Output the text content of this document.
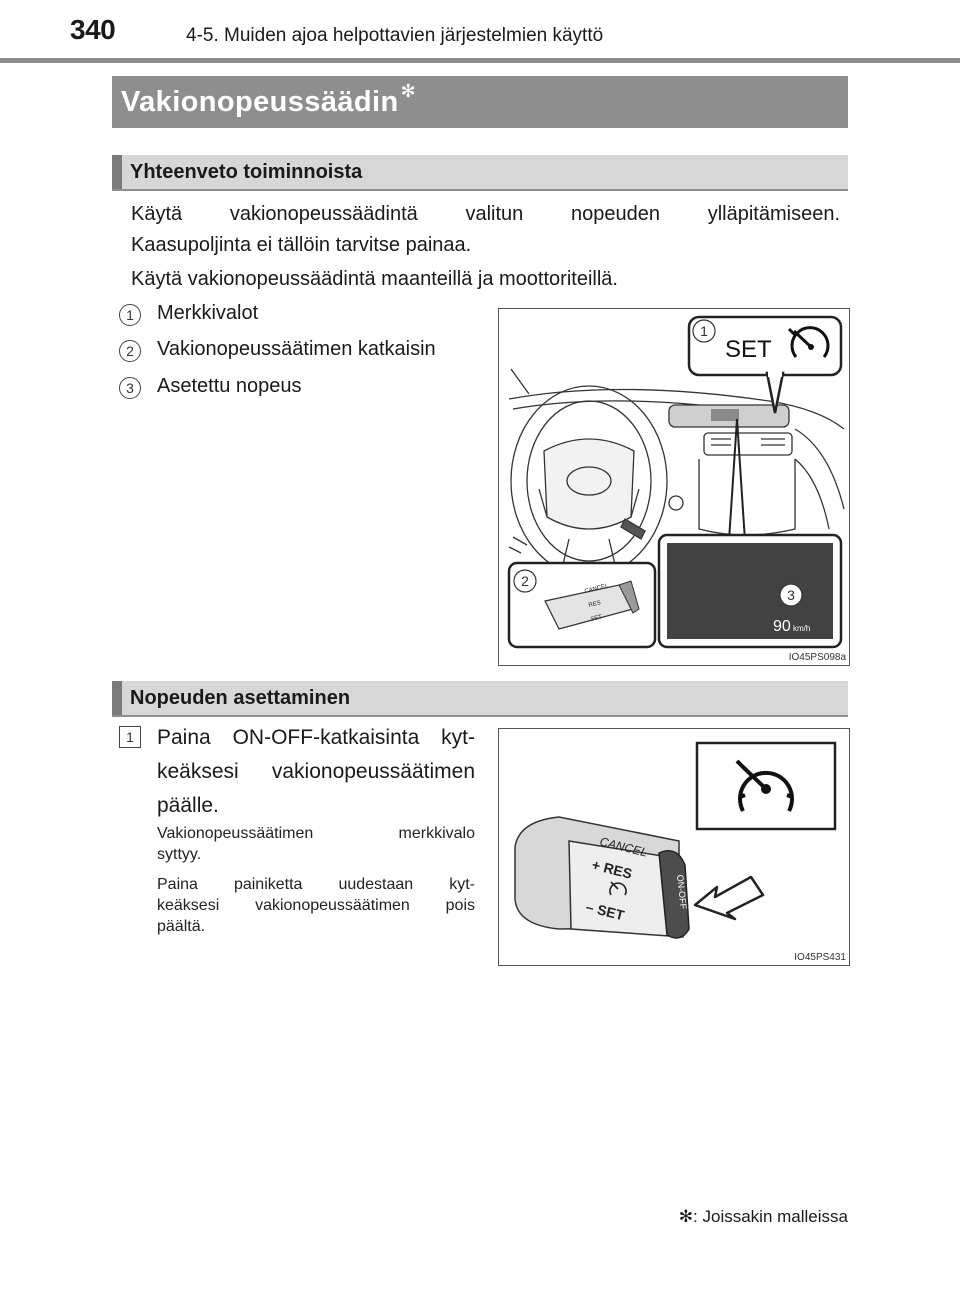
340	4-5. Muiden ajoa helpottavien järjestelmien käyttö
Vakionopeussäädin ✻
Yhteenveto toiminnoista
Käytä vakionopeussäädintä valitun nopeuden ylläpitämiseen.
Kaasupoljinta ei tällöin tarvitse painaa.
Käytä vakionopeussäädintä maanteillä ja moottoriteillä.
1	Merkkivalot
2	Vakionopeussäätimen katkaisin
3	Asetettu nopeus
1
SET
3
90 km/h
2
CANCEL
RES
SET
IO45PS098a
Nopeuden asettaminen
1	Paina ON-OFF-katkaisinta kyt-
keäksesi vakionopeussäätimen
päälle.
Vakionopeussäätimen merkkivalo
syttyy.
Paina painiketta uudestaan kyt-
keäksesi vakionopeussäätimen pois
päältä.
CANCEL
+ RES
– SET
ON-OFF
IO45PS431
✻: Joissakin malleissa
